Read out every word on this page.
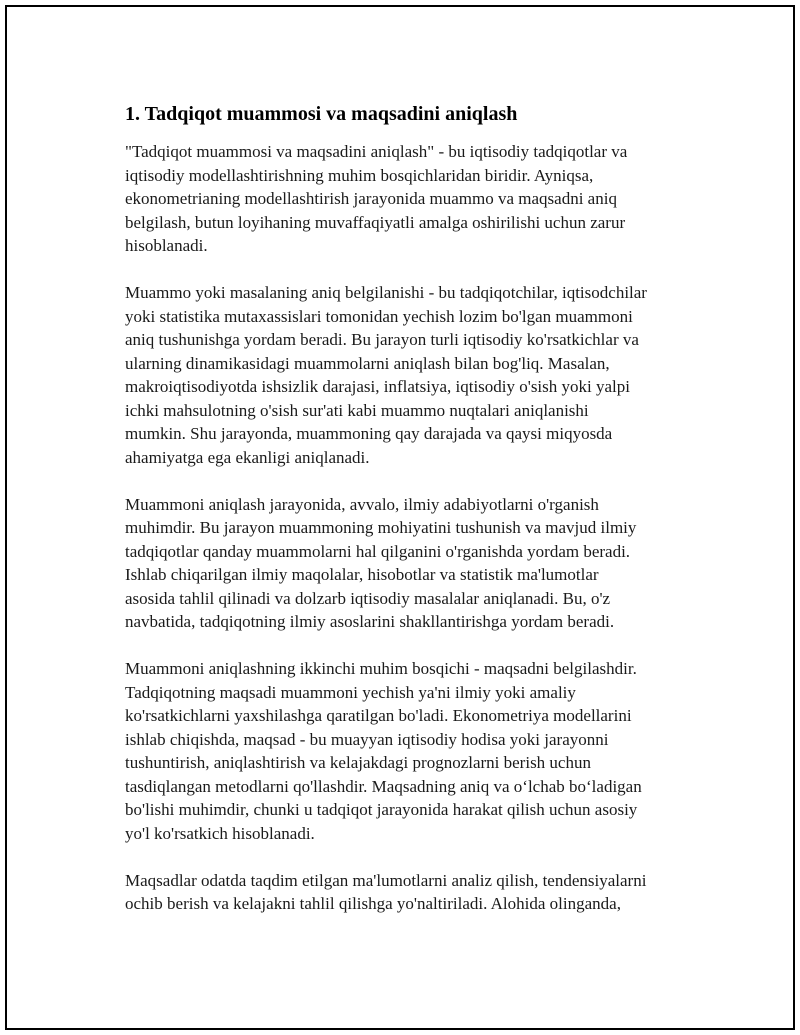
1. Tadqiqot muammosi va maqsadini aniqlash

"Tadqiqot muammosi va maqsadini aniqlash" - bu iqtisodiy tadqiqotlar va
iqtisodiy modellashtirishning muhim bosqichlaridan biridir. Ayniqsa,
ekonometrianing modellashtirish jarayonida muammo va maqsadni aniq
belgilash, butun loyihaning muvaffaqiyatli amalga oshirilishi uchun zarur
hisoblanadi.

Muammo yoki masalaning aniq belgilanishi - bu tadqiqotchilar, iqtisodchilar
yoki statistika mutaxassislari tomonidan yechish lozim bo'lgan muammoni
aniq tushunishga yordam beradi. Bu jarayon turli iqtisodiy ko'rsatkichlar va
ularning dinamikasidagi muammolarni aniqlash bilan bog'liq. Masalan,
makroiqtisodiyotda ishsizlik darajasi, inflatsiya, iqtisodiy o'sish yoki yalpi
ichki mahsulotning o'sish sur'ati kabi muammo nuqtalari aniqlanishi
mumkin. Shu jarayonda, muammoning qay darajada va qaysi miqyosda
ahamiyatga ega ekanligi aniqlanadi.

Muammoni aniqlash jarayonida, avvalo, ilmiy adabiyotlarni o'rganish
muhimdir. Bu jarayon muammoning mohiyatini tushunish va mavjud ilmiy
tadqiqotlar qanday muammolarni hal qilganini o'rganishda yordam beradi.
Ishlab chiqarilgan ilmiy maqolalar, hisobotlar va statistik ma'lumotlar
asosida tahlil qilinadi va dolzarb iqtisodiy masalalar aniqlanadi. Bu, o'z
navbatida, tadqiqotning ilmiy asoslarini shakllantirishga yordam beradi.

Muammoni aniqlashning ikkinchi muhim bosqichi - maqsadni belgilashdir.
Tadqiqotning maqsadi muammoni yechish ya'ni ilmiy yoki amaliy
ko'rsatkichlarni yaxshilashga qaratilgan bo'ladi. Ekonometriya modellarini
ishlab chiqishda, maqsad - bu muayyan iqtisodiy hodisa yoki jarayonni
tushuntirish, aniqlashtirish va kelajakdagi prognozlarni berish uchun
tasdiqlangan metodlarni qo'llashdir. Maqsadning aniq va o‘lchab bo‘ladigan
bo'lishi muhimdir, chunki u tadqiqot jarayonida harakat qilish uchun asosiy
yo'l ko'rsatkich hisoblanadi.

Maqsadlar odatda taqdim etilgan ma'lumotlarni analiz qilish, tendensiyalarni
ochib berish va kelajakni tahlil qilishga yo'naltiriladi. Alohida olinganda,
